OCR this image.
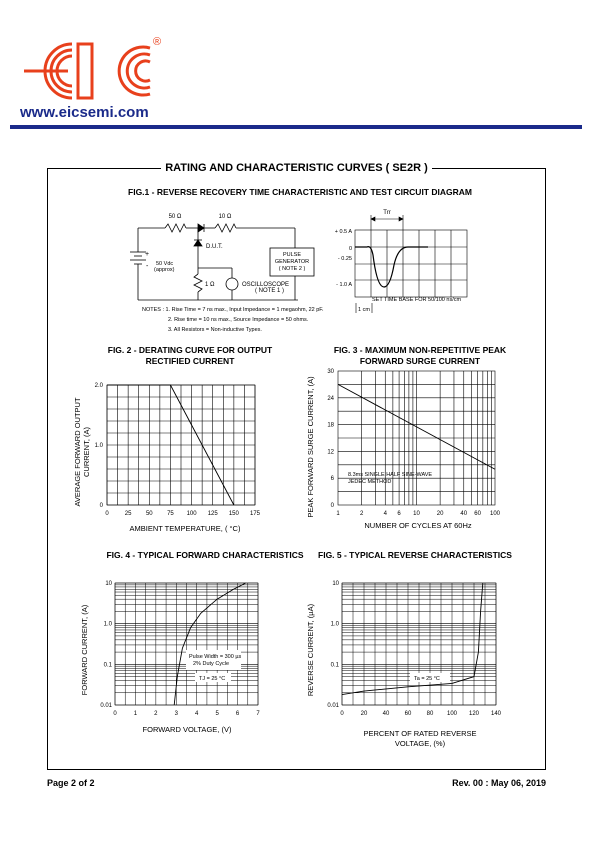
®
www.eicsemi.com
RATING AND CHARACTERISTIC CURVES ( SE2R )
FIG.1 - REVERSE RECOVERY TIME CHARACTERISTIC AND TEST CIRCUIT DIAGRAM
50 Ω	10 Ω
D.U.T.
50 Vdc
(approx)
+
-
1 Ω	OSCILLOSCOPE
( NOTE 1 )
PULSE
GENERATOR
( NOTE 2 )
NOTES : 1. Rise Time = 7 ns max., Input Impedance = 1 megaohm, 22 pF.
2. Rise time = 10 ns max., Source Impedance = 50 ohms.
3. All Resistors = Non-inductive Types.
Trr
+ 0.5 A
0
- 0.25
- 1.0 A
SET TIME BASE FOR 50/100 ns/cm
1 cm
FIG. 2 - DERATING CURVE FOR OUTPUT
RECTIFIED CURRENT
0	25 50 75 100 125 150 175
0
1.0
2.0
AVERAGE FORWARD OUTPUT CURRENT, (A)
AMBIENT TEMPERATURE, ( °C)
FIG. 3 - MAXIMUM NON-REPETITIVE PEAK
FORWARD SURGE CURRENT
1	2	4 6 10	20	40 60 100
0
6
12
18
24
30
PEAK FORWARD SURGE CURRENT, (A)
NUMBER OF CYCLES AT 60Hz
8.3ms SINGLE HALF SINE-WAVE
JEDEC METHOD
FIG. 4 - TYPICAL FORWARD CHARACTERISTICS
0	1	2	3	4	5	6	7
0.01
0.1
1.0
10
Pulse Width = 300 µs
2% Duty Cycle
TJ = 25 °C
FORWARD CURRENT, (A)
FORWARD VOLTAGE, (V)
FIG. 5 - TYPICAL REVERSE CHARACTERISTICS
0	20	40	60	80 100 120 140
0.01
0.1
1.0
10
Ta = 25 °C
REVERSE CURRENT, (µA)
PERCENT OF RATED REVERSE
VOLTAGE, (%)
Page 2 of 2	Rev. 00 : May 06, 2019
